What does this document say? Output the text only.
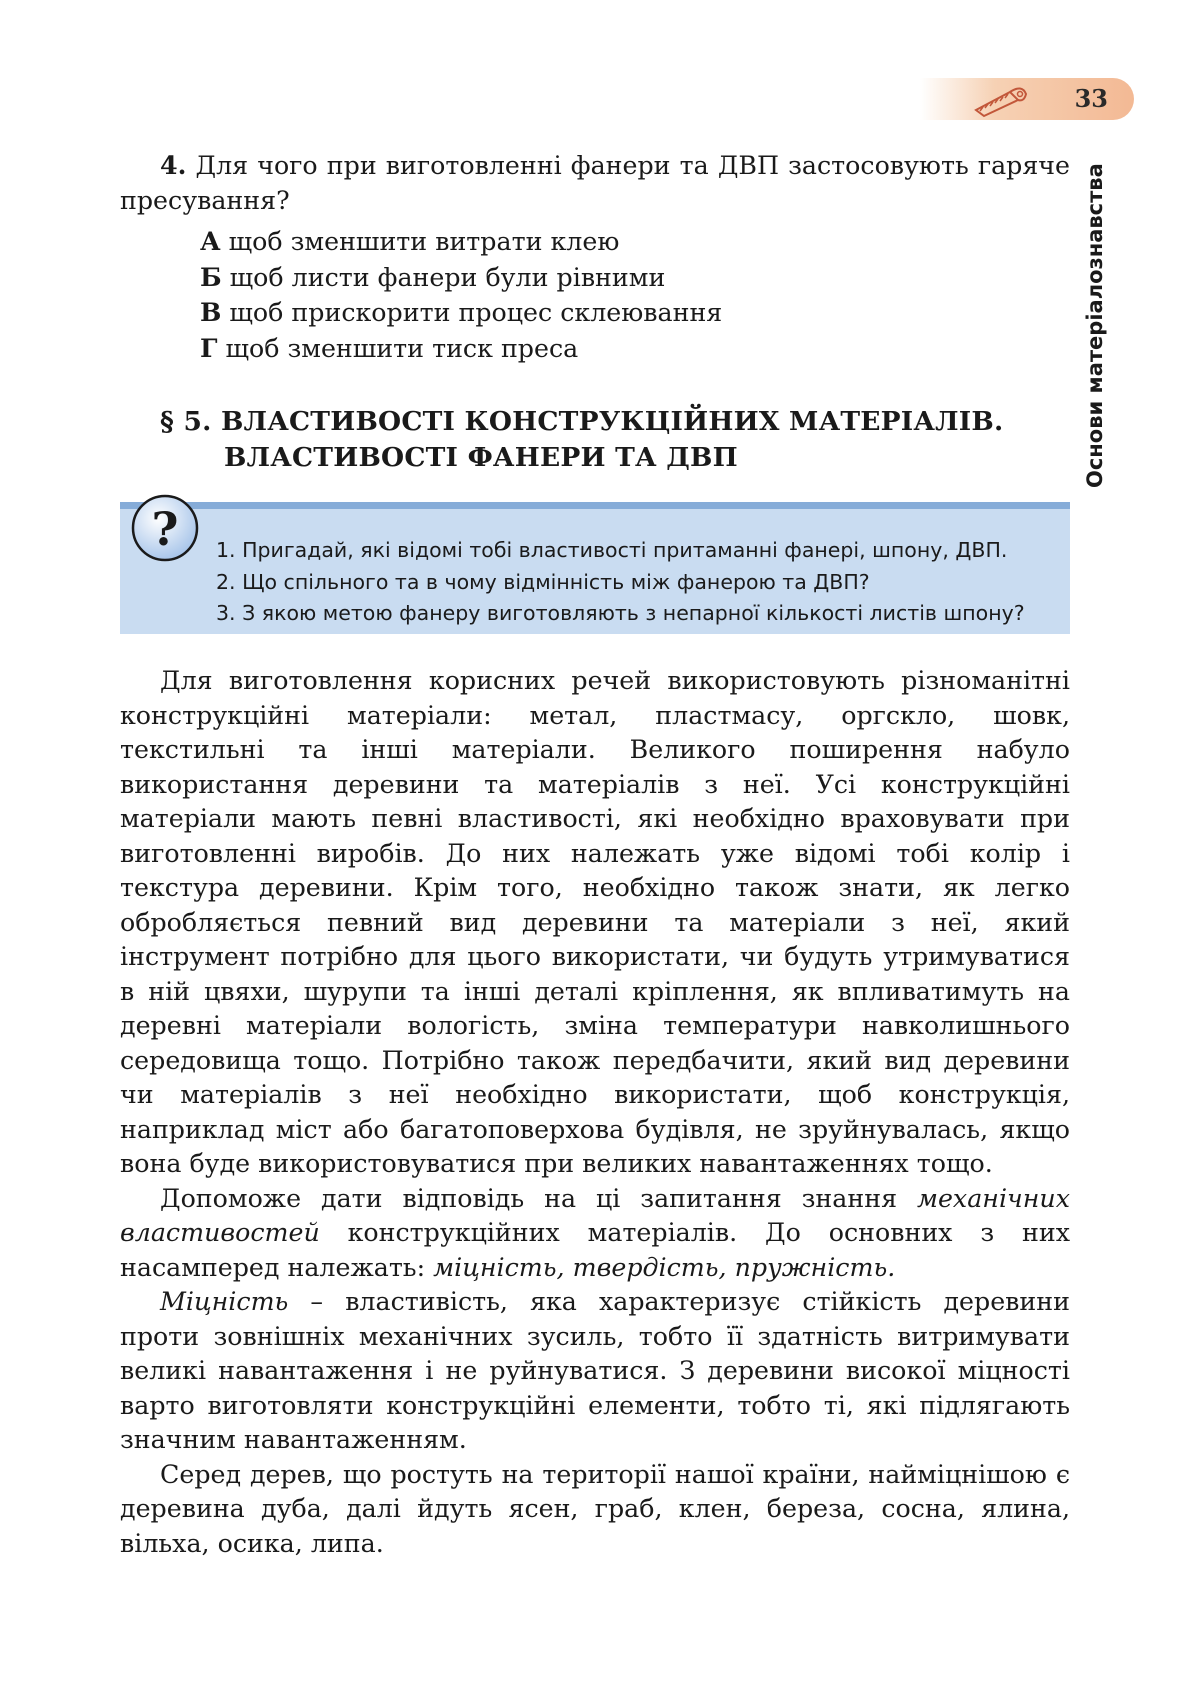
33
Основи матеріалознавства

4. Для чого при виготовленні фанери та ДВП застосовують гаряче пресування?

А щоб зменшити витрати клею
Б щоб листи фанери були рівними
В щоб прискорити процес склеювання
Г щоб зменшити тиск преса
§ 5. ВЛАСТИВОСТІ КОНСТРУКЦІЙНИХ МАТЕРІАЛІВ.
ВЛАСТИВОСТІ ФАНЕРИ ТА ДВП
? 1. Пригадай, які відомі тобі властивості притаманні фанері, шпону, ДВП.
2. Що спільного та в чому відмінність між фанерою та ДВП?
3. З якою метою фанеру виготовляють з непарної кількості листів шпону?

Для виготовлення корисних речей використовують різноманітні конструкційні матеріали: метал, пластмасу, оргскло, шовк, текстильні та інші матеріали. Великого поширення набуло використання деревини та матеріалів з неї. Усі конструкційні матеріали мають певні властивості, які необхідно враховувати при виготовленні виробів. До них належать уже відомі тобі колір і текстура деревини. Крім того, необхідно також знати, як легко обробляється певний вид деревини та матеріали з неї, який інструмент потрібно для цього використати, чи будуть утримуватися в ній цвяхи, шурупи та інші деталі кріплення, як впливатимуть на деревні матеріали вологість, зміна температури навколишнього середовища тощо. Потрібно також передбачити, який вид деревини чи матеріалів з неї необхідно використати, щоб конструкція, наприклад міст або багатоповерхова будівля, не зруйнувалась, якщо вона буде використовуватися при великих навантаженнях тощо.

Допоможе дати відповідь на ці запитання знання механічних властивостей конструкційних матеріалів. До основних з них насамперед належать: міцність, твердість, пружність.

Міцність – властивість, яка характеризує стійкість деревини проти зовнішніх механічних зусиль, тобто її здатність витримувати великі навантаження і не руйнуватися. З деревини високої міцності варто виготовляти конструкційні елементи, тобто ті, які підлягають значним навантаженням.

Серед дерев, що ростуть на території нашої країни, найміцнішою є деревина дуба, далі йдуть ясен, граб, клен, береза, сосна, ялина, вільха, осика, липа.
